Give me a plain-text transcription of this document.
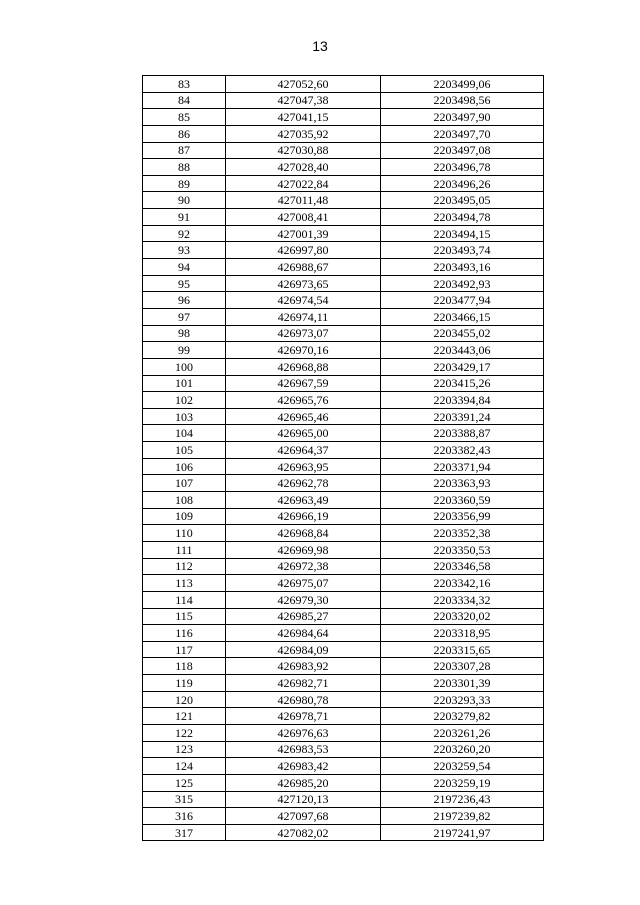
13
83	427052,60	2203499,06
84	427047,38	2203498,56
85	427041,15	2203497,90
86	427035,92	2203497,70
87	427030,88	2203497,08
88	427028,40	2203496,78
89	427022,84	2203496,26
90	427011,48	2203495,05
91	427008,41	2203494,78
92	427001,39	2203494,15
93	426997,80	2203493,74
94	426988,67	2203493,16
95	426973,65	2203492,93
96	426974,54	2203477,94
97	426974,11	2203466,15
98	426973,07	2203455,02
99	426970,16	2203443,06
100	426968,88	2203429,17
101	426967,59	2203415,26
102	426965,76	2203394,84
103	426965,46	2203391,24
104	426965,00	2203388,87
105	426964,37	2203382,43
106	426963,95	2203371,94
107	426962,78	2203363,93
108	426963,49	2203360,59
109	426966,19	2203356,99
110	426968,84	2203352,38
111	426969,98	2203350,53
112	426972,38	2203346,58
113	426975,07	2203342,16
114	426979,30	2203334,32
115	426985,27	2203320,02
116	426984,64	2203318,95
117	426984,09	2203315,65
118	426983,92	2203307,28
119	426982,71	2203301,39
120	426980,78	2203293,33
121	426978,71	2203279,82
122	426976,63	2203261,26
123	426983,53	2203260,20
124	426983,42	2203259,54
125	426985,20	2203259,19
315	427120,13	2197236,43
316	427097,68	2197239,82
317	427082,02	2197241,97
